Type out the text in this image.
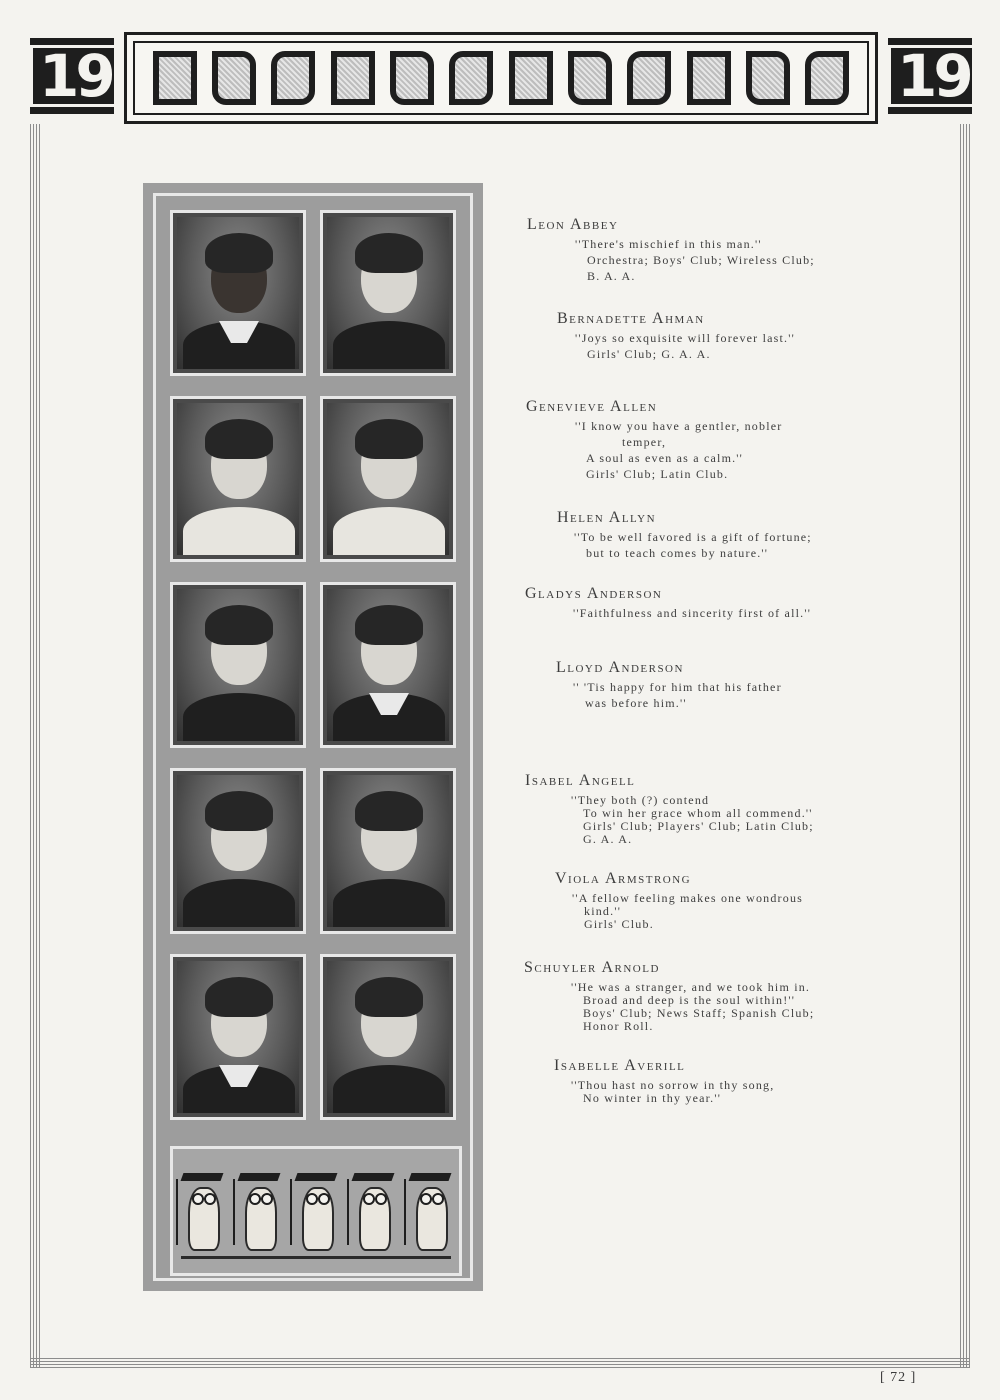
19	19
Leon Abbey
''There's mischief in this man.''
Orchestra; Boys' Club; Wireless Club;
B. A. A.
Bernadette Ahman
''Joys so exquisite will forever last.''
Girls' Club; G. A. A.
Genevieve Allen
''I know you have a gentler, nobler
temper,
A soul as even as a calm.''
Girls' Club; Latin Club.
Helen Allyn
''To be well favored is a gift of fortune;
but to teach comes by nature.''
Gladys Anderson
''Faithfulness and sincerity first of all.''
Lloyd Anderson
'' 'Tis happy for him that his father
was before him.''
Isabel Angell
''They both (?) contend
To win her grace whom all commend.''
Girls' Club; Players' Club; Latin Club;
G. A. A.
Viola Armstrong
''A fellow feeling makes one wondrous
kind.''
Girls' Club.
Schuyler Arnold
''He was a stranger, and we took him in.
Broad and deep is the soul within!''
Boys' Club; News Staff; Spanish Club;
Honor Roll.
Isabelle Averill
''Thou hast no sorrow in thy song,
No winter in thy year.''
[ 72 ]
